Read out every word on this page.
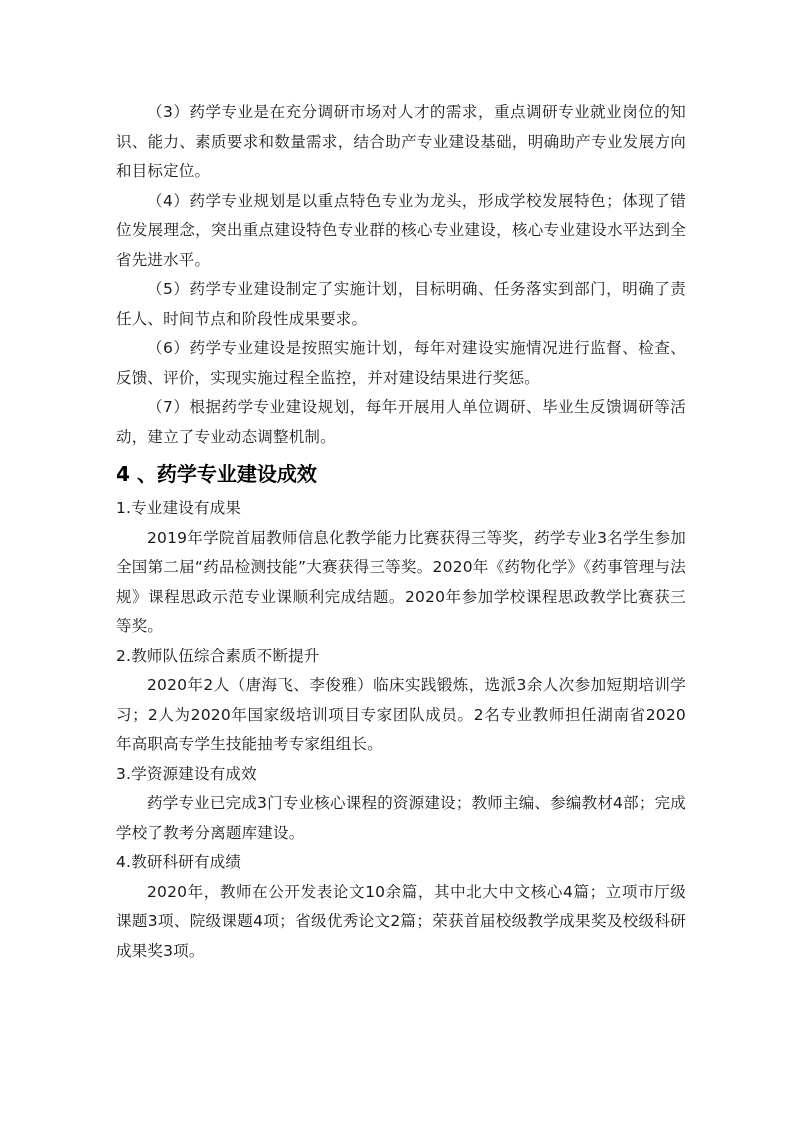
（3）药学专业是在充分调研市场对人才的需求，重点调研专业就业岗位的知识、能力、素质要求和数量需求，结合助产专业建设基础，明确助产专业发展方向和目标定位。

（4）药学专业规划是以重点特色专业为龙头，形成学校发展特色；体现了错位发展理念，突出重点建设特色专业群的核心专业建设，核心专业建设水平达到全省先进水平。

（5）药学专业建设制定了实施计划，目标明确、任务落实到部门，明确了责任人、时间节点和阶段性成果要求。

（6）药学专业建设是按照实施计划，每年对建设实施情况进行监督、检查、反馈、评价，实现实施过程全监控，并对建设结果进行奖惩。

（7）根据药学专业建设规划，每年开展用人单位调研、毕业生反馈调研等活动，建立了专业动态调整机制。

4 、药学专业建设成效

1.专业建设有成果

2019年学院首届教师信息化教学能力比赛获得三等奖，药学专业3名学生参加全国第二届“药品检测技能”大赛获得三等奖。2020年《药物化学》《药事管理与法规》课程思政示范专业课顺利完成结题。2020年参加学校课程思政教学比赛获三等奖。

2.教师队伍综合素质不断提升

2020年2人（唐海飞、李俊雅）临床实践锻炼，选派3余人次参加短期培训学习；2人为2020年国家级培训项目专家团队成员。2名专业教师担任湖南省2020年高职高专学生技能抽考专家组组长。

3.学资源建设有成效

药学专业已完成3门专业核心课程的资源建设；教师主编、参编教材4部；完成学校了教考分离题库建设。

4.教研科研有成绩

2020年，教师在公开发表论文10余篇，其中北大中文核心4篇；立项市厅级课题3项、院级课题4项；省级优秀论文2篇；荣获首届校级教学成果奖及校级科研成果奖3项。
